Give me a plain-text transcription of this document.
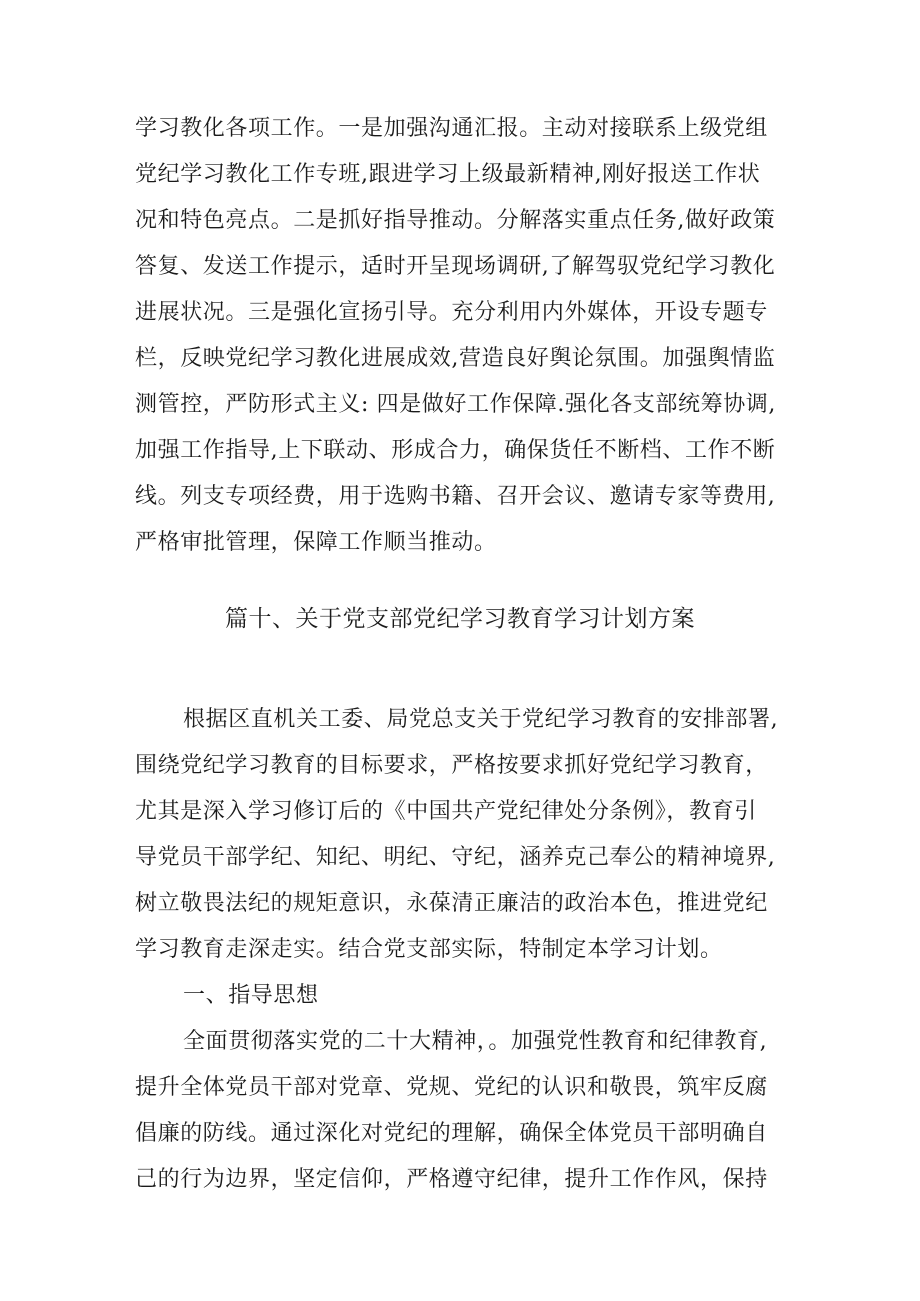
学习教化各项工作。一是加强沟通汇报。主动对接联系上级党组
党纪学习教化工作专班,跟进学习上级最新精神,刚好报送工作状
况和特色亮点。二是抓好指导推动。分解落实重点任务,做好政策
答复、发送工作提示，适时开呈现场调研,了解驾驭党纪学习教化
进展状况。三是强化宣扬引导。充分利用内外媒体，开设专题专
栏，反映党纪学习教化进展成效,营造良好舆论氛围。加强舆情监
测管控，严防形式主义: 四是做好工作保障.强化各支部统筹协调,
加强工作指导,上下联动、形成合力，确保货任不断档、工作不断
线。列支专项经费，用于选购书籍、召开会议、邀请专家等费用,
严格审批管理，保障工作顺当推动。
篇十、关于党支部党纪学习教育学习计划方案
根据区直机关工委、局党总支关于党纪学习教育的安排部署,
围绕党纪学习教育的目标要求，严格按要求抓好党纪学习教育，
尤其是深入学习修订后的《中国共产党纪律处分条例》，教育引
导党员干部学纪、知纪、明纪、守纪，涵养克己奉公的精神境界,
树立敬畏法纪的规矩意识，永葆清正廉洁的政治本色，推进党纪
学习教育走深走实。结合党支部实际，特制定本学习计划。
一、指导思想
全面贯彻落实党的二十大精神，。加强党性教育和纪律教育,
提升全体党员干部对党章、党规、党纪的认识和敬畏，筑牢反腐
倡廉的防线。通过深化对党纪的理解，确保全体党员干部明确自
己的行为边界，坚定信仰，严格遵守纪律，提升工作作风，保持
